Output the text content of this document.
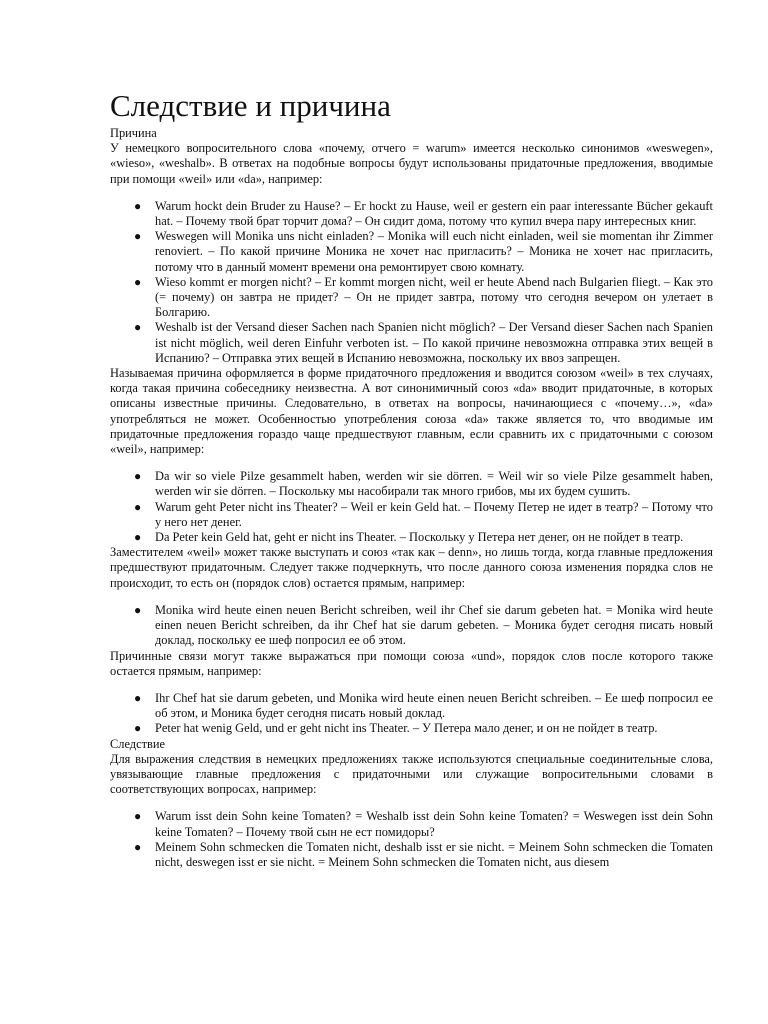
Следствие и причина
Причина

У немецкого вопросительного слова «почему, отчего = warum» имеется несколько синонимов «weswegen», «wieso», «weshalb». В ответах на подобные вопросы будут использованы придаточные предложения, вводимые при помощи «weil» или «da», например:

● Warum hockt dein Bruder zu Hause? – Er hockt zu Hause, weil er gestern ein paar interessante Bücher gekauft hat. – Почему твой брат торчит дома? – Он сидит дома, потому что купил вчера пару интересных книг.
● Weswegen will Monika uns nicht einladen? – Monika will euch nicht einladen, weil sie momentan ihr Zimmer renoviert. – По какой причине Моника не хочет нас пригласить? – Моника не хочет нас пригласить, потому что в данный момент времени она ремонтирует свою комнату.
● Wieso kommt er morgen nicht? – Er kommt morgen nicht, weil er heute Abend nach Bulgarien fliegt. – Как это (= почему) он завтра не придет? – Он не придет завтра, потому что сегодня вечером он улетает в Болгарию.
● Weshalb ist der Versand dieser Sachen nach Spanien nicht möglich? – Der Versand dieser Sachen nach Spanien ist nicht möglich, weil deren Einfuhr verboten ist. – По какой причине невозможна отправка этих вещей в Испанию? – Отправка этих вещей в Испанию невозможна, поскольку их ввоз запрещен.

Называемая причина оформляется в форме придаточного предложения и вводится союзом «weil» в тех случаях, когда такая причина собеседнику неизвестна. А вот синонимичный союз «da» вводит придаточные, в которых описаны известные причины. Следовательно, в ответах на вопросы, начинающиеся с «почему…», «da» употребляться не может. Особенностью употребления союза «da» также является то, что вводимые им придаточные предложения гораздо чаще предшествуют главным, если сравнить их с придаточными с союзом «weil», например:

● Da wir so viele Pilze gesammelt haben, werden wir sie dörren. = Weil wir so viele Pilze gesammelt haben, werden wir sie dörren. – Поскольку мы насобирали так много грибов, мы их будем сушить.
● Warum geht Peter nicht ins Theater? – Weil er kein Geld hat. – Почему Петер не идет в театр? – Потому что у него нет денег.
● Da Peter kein Geld hat, geht er nicht ins Theater. – Поскольку у Петера нет денег, он не пойдет в театр.

Заместителем «weil» может также выступать и союз «так как – denn», но лишь тогда, когда главные предложения предшествуют придаточным. Следует также подчеркнуть, что после данного союза изменения порядка слов не происходит, то есть он (порядок слов) остается прямым, например:

● Monika wird heute einen neuen Bericht schreiben, weil ihr Chef sie darum gebeten hat. = Monika wird heute einen neuen Bericht schreiben, da ihr Chef hat sie darum gebeten. – Моника будет сегодня писать новый доклад, поскольку ее шеф попросил ее об этом.

Причинные связи могут также выражаться при помощи союза «und», порядок слов после которого также остается прямым, например:

● Ihr Chef hat sie darum gebeten, und Monika wird heute einen neuen Bericht schreiben. – Ее шеф попросил ее об этом, и Моника будет сегодня писать новый доклад.
● Peter hat wenig Geld, und er geht nicht ins Theater. – У Петера мало денег, и он не пойдет в театр.
Следствие

Для выражения следствия в немецких предложениях также используются специальные соединительные слова, увязывающие главные предложения с придаточными или служащие вопросительными словами в соответствующих вопросах, например:

● Warum isst dein Sohn keine Tomaten? = Weshalb isst dein Sohn keine Tomaten? = Weswegen isst dein Sohn keine Tomaten? – Почему твой сын не ест помидоры?
● Meinem Sohn schmecken die Tomaten nicht, deshalb isst er sie nicht. = Meinem Sohn schmecken die Tomaten nicht, deswegen isst er sie nicht. = Meinem Sohn schmecken die Tomaten nicht, aus diesem
